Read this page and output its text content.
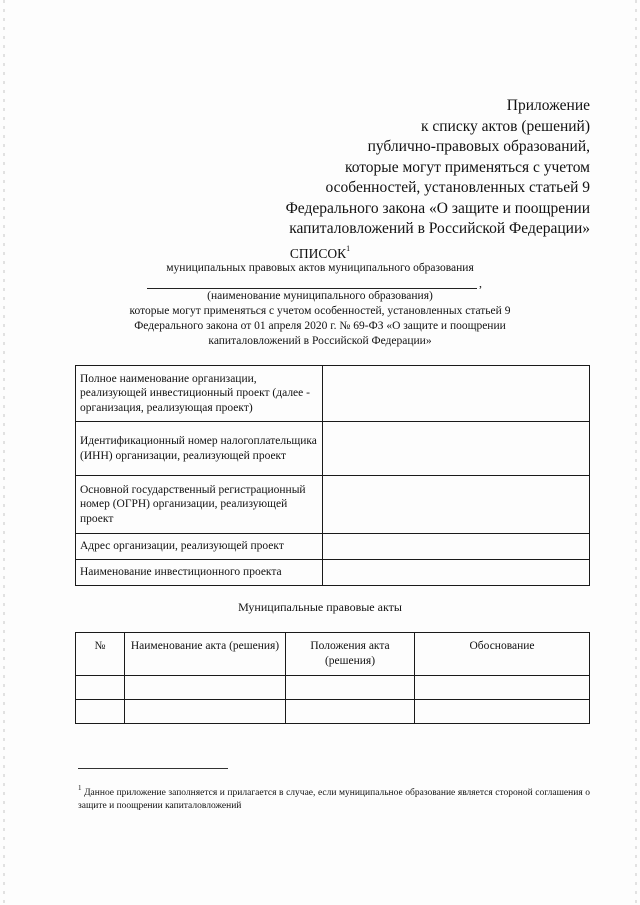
Приложение
к списку актов (решений)
публично-правовых образований,
которые могут применяться с учетом
особенностей, установленных статьей 9
Федерального закона «О защите и поощрении
капиталовложений в Российской Федерации»
СПИСОК$^1$
муниципальных правовых актов муниципального образования
,
(наименование муниципального образования)
которые могут применяться с учетом особенностей, установленных статьей 9
Федерального закона от 01 апреля 2020 г. № 69-ФЗ «О защите и поощрении
капиталовложений в Российской Федерации»
Полное наименование организации, реализующей инвестиционный проект (далее - организация, реализующая проект)	
Идентификационный номер налогоплательщика (ИНН) организации, реализующей проект	
Основной государственный регистрационный номер (ОГРН) организации, реализующей проект	
Адрес организации, реализующей проект	
Наименование инвестиционного проекта	
Муниципальные правовые акты
№	Наименование акта (решения)	Положения акта (решения)	Обоснование

$^1$ Данное приложение заполняется и прилагается в случае, если муниципальное образование является стороной соглашения о защите и поощрении капиталовложений
